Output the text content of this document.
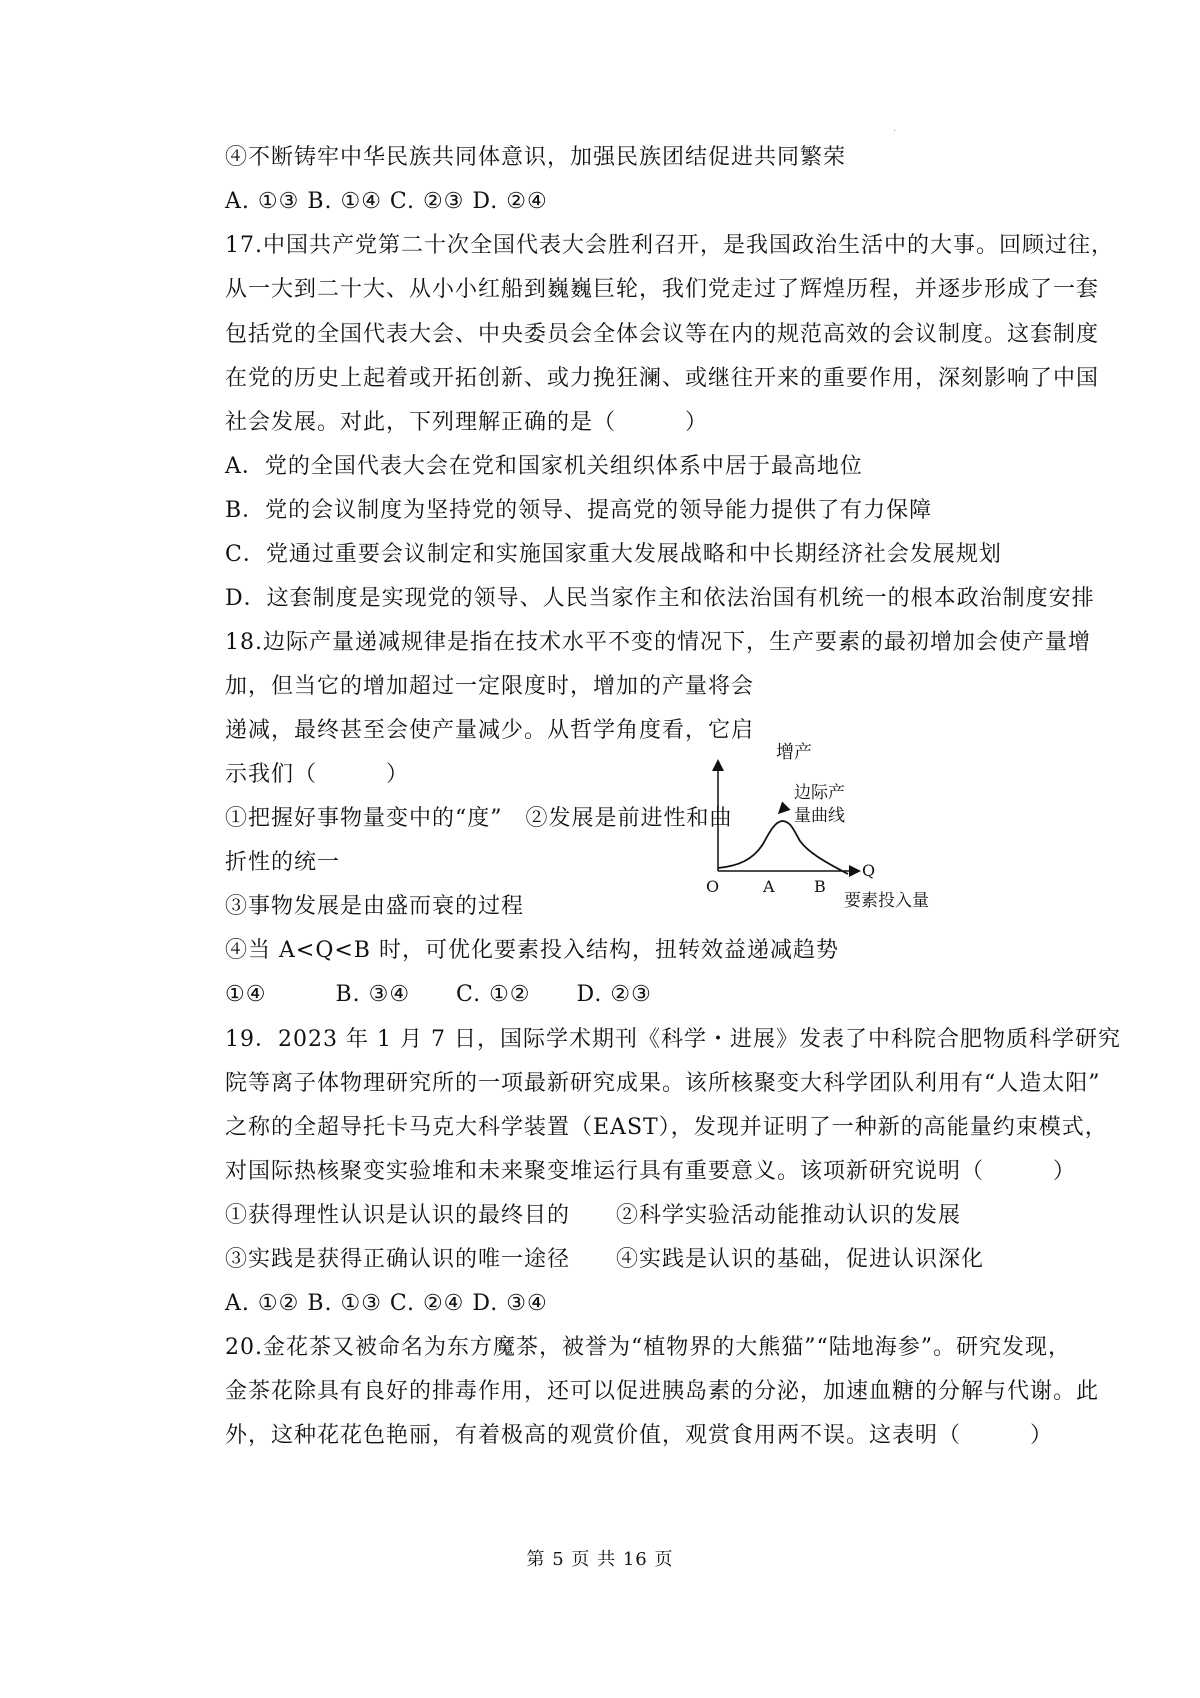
·
④不断铸牢中华民族共同体意识，加强民族团结促进共同繁荣
A. ①③ B. ①④ C. ②③ D. ②④
17.中国共产党第二十次全国代表大会胜利召开，是我国政治生活中的大事。回顾过往，
从一大到二十大、从小小红船到巍巍巨轮，我们党走过了辉煌历程，并逐步形成了一套
包括党的全国代表大会、中央委员会全体会议等在内的规范高效的会议制度。这套制度
在党的历史上起着或开拓创新、或力挽狂澜、或继往开来的重要作用，深刻影响了中国
社会发展。对此，下列理解正确的是（　　　）
A．党的全国代表大会在党和国家机关组织体系中居于最高地位
B．党的会议制度为坚持党的领导、提高党的领导能力提供了有力保障
C．党通过重要会议制定和实施国家重大发展战略和中长期经济社会发展规划
D．这套制度是实现党的领导、人民当家作主和依法治国有机统一的根本政治制度安排
18.边际产量递减规律是指在技术水平不变的情况下，生产要素的最初增加会使产量增
加，但当它的增加超过一定限度时，增加的产量将会
递减，最终甚至会使产量减少。从哲学角度看，它启
示我们（　　　）
①把握好事物量变中的“度”　②发展是前进性和曲
折性的统一
③事物发展是由盛而衰的过程
④当 A<Q<B 时，可优化要素投入结构，扭转效益递减趋势
①④　　　B. ③④　　C. ①②　　D. ②③
增产
边际产
量曲线
O	A B
Q
要素投入量
19．2023 年 1 月 7 日，国际学术期刊《科学・进展》发表了中科院合肥物质科学研究
院等离子体物理研究所的一项最新研究成果。该所核聚变大科学团队利用有“人造太阳”
之称的全超导托卡马克大科学装置（EAST），发现并证明了一种新的高能量约束模式，
对国际热核聚变实验堆和未来聚变堆运行具有重要意义。该项新研究说明（　　　）
①获得理性认识是认识的最终目的　　②科学实验活动能推动认识的发展
③实践是获得正确认识的唯一途径　　④实践是认识的基础，促进认识深化
A. ①② B. ①③ C. ②④ D. ③④
20.金花茶又被命名为东方魔茶，被誉为“植物界的大熊猫”“陆地海参”。研究发现，
金茶花除具有良好的排毒作用，还可以促进胰岛素的分泌，加速血糖的分解与代谢。此
外，这种花花色艳丽，有着极高的观赏价值，观赏食用两不误。这表明（　　　）
第 5 页 共 16 页
